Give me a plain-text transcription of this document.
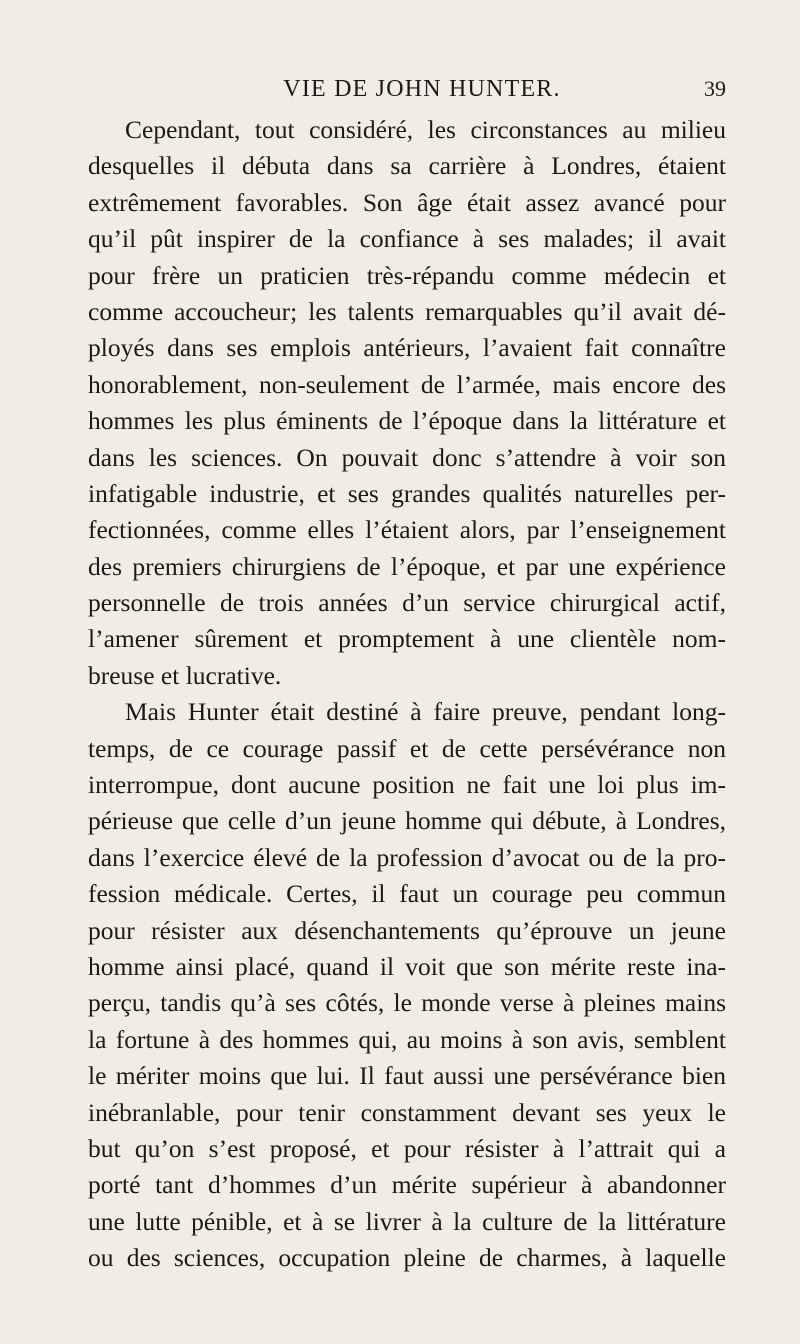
VIE DE JOHN HUNTER.	39
Cependant, tout considéré, les circonstances au milieu
desquelles il débuta dans sa carrière à Londres, étaient
extrêmement favorables. Son âge était assez avancé pour
qu’il pût inspirer de la confiance à ses malades; il avait
pour frère un praticien très-répandu comme médecin et
comme accoucheur; les talents remarquables qu’il avait dé-
ployés dans ses emplois antérieurs, l’avaient fait connaître
honorablement, non-seulement de l’armée, mais encore des
hommes les plus éminents de l’époque dans la littérature et
dans les sciences. On pouvait donc s’attendre à voir son
infatigable industrie, et ses grandes qualités naturelles per-
fectionnées, comme elles l’étaient alors, par l’enseignement
des premiers chirurgiens de l’époque, et par une expérience
personnelle de trois années d’un service chirurgical actif,
l’amener sûrement et promptement à une clientèle nom-
breuse et lucrative.
Mais Hunter était destiné à faire preuve, pendant long-
temps, de ce courage passif et de cette persévérance non
interrompue, dont aucune position ne fait une loi plus im-
périeuse que celle d’un jeune homme qui débute, à Londres,
dans l’exercice élevé de la profession d’avocat ou de la pro-
fession médicale. Certes, il faut un courage peu commun
pour résister aux désenchantements qu’éprouve un jeune
homme ainsi placé, quand il voit que son mérite reste ina-
perçu, tandis qu’à ses côtés, le monde verse à pleines mains
la fortune à des hommes qui, au moins à son avis, semblent
le mériter moins que lui. Il faut aussi une persévérance bien
inébranlable, pour tenir constamment devant ses yeux le
but qu’on s’est proposé, et pour résister à l’attrait qui a
porté tant d’hommes d’un mérite supérieur à abandonner
une lutte pénible, et à se livrer à la culture de la littérature
ou des sciences, occupation pleine de charmes, à laquelle
